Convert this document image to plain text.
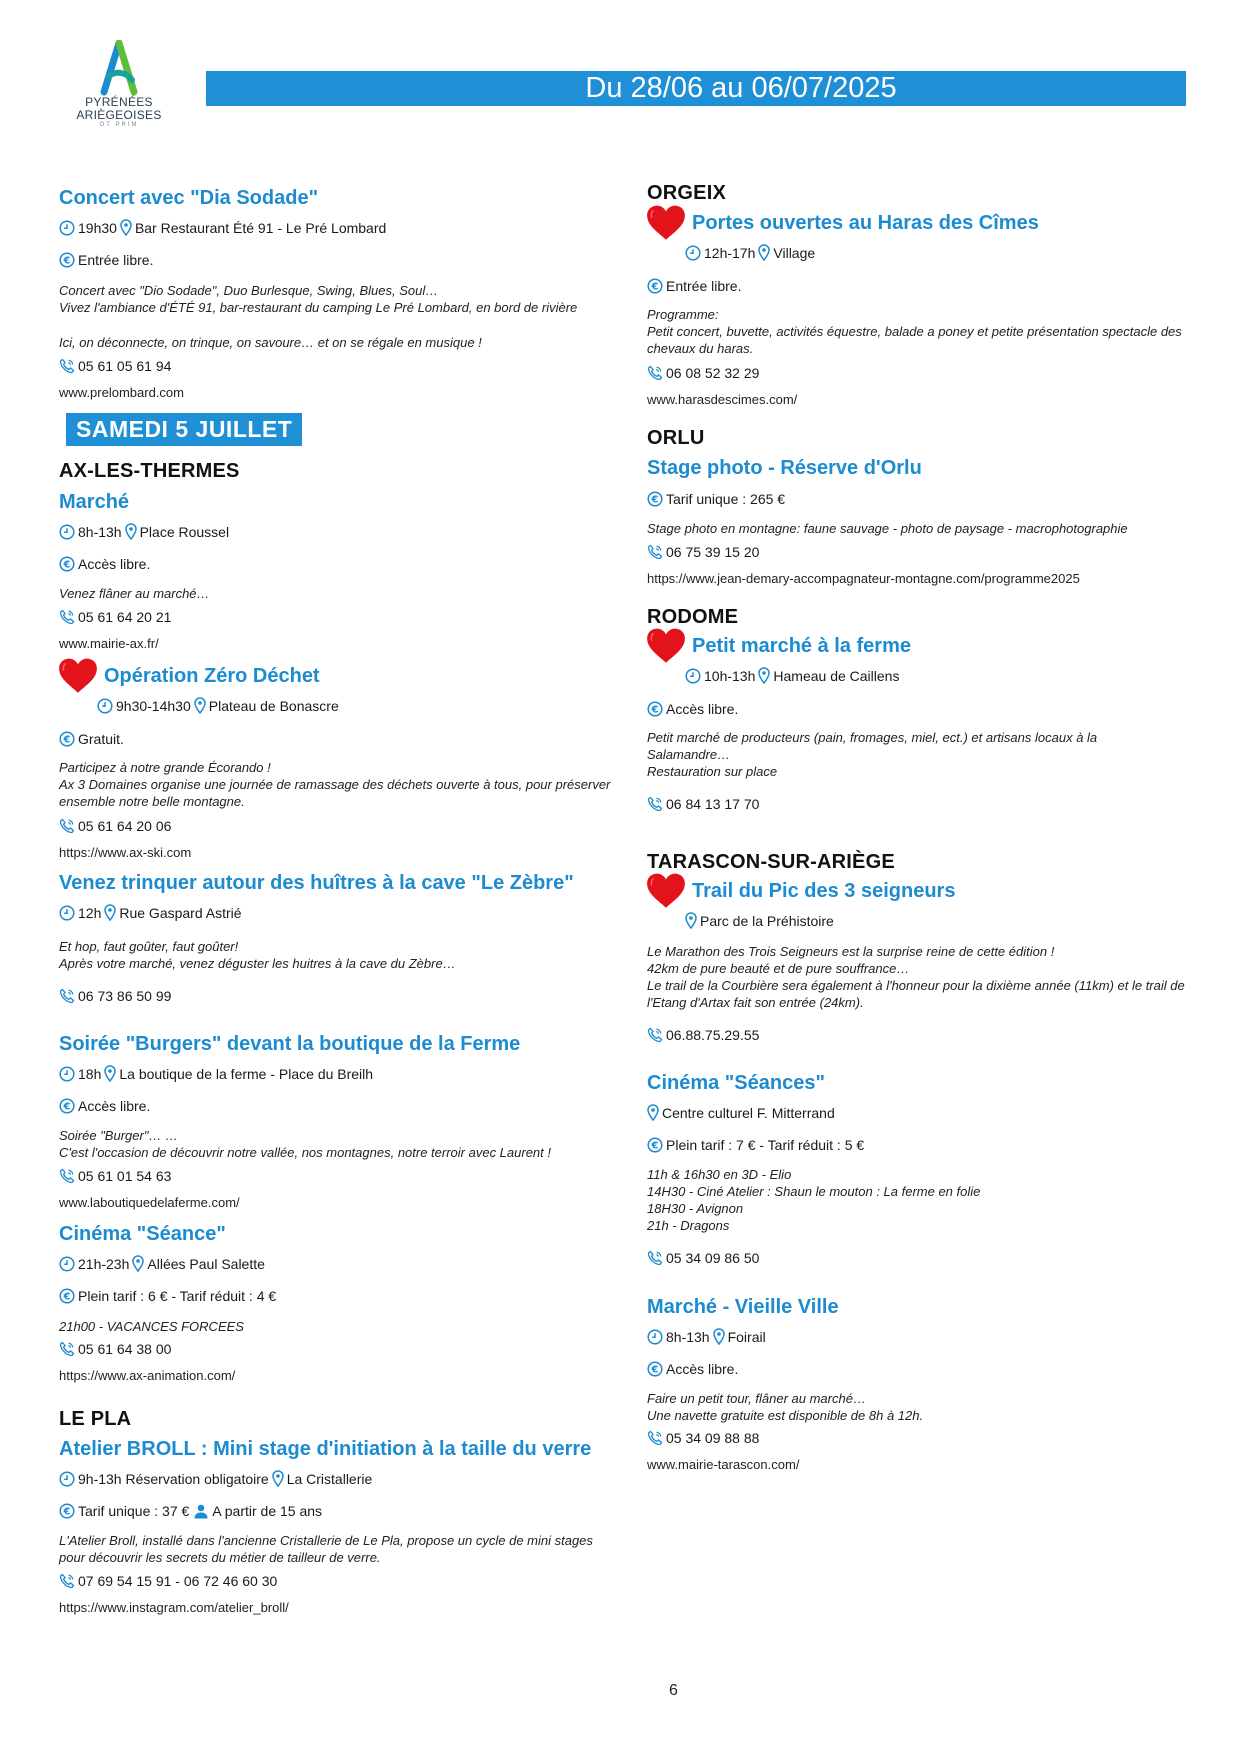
PYRÉNÉES
ARIÈGEOISES
OT PRIM
Du 28/06 au 06/07/2025
Concert avec "Dia Sodade"
19h30 Bar Restaurant Été 91 - Le Pré Lombard
Entrée libre.
Concert avec "Dio Sodade", Duo Burlesque, Swing, Blues, Soul…
Vivez l'ambiance d'ÉTÉ 91, bar-restaurant du camping Le Pré Lombard, en bord de rivière
Ici, on déconnecte, on trinque, on savoure… et on se régale en musique !
05 61 05 61 94
www.prelombard.com
SAMEDI 5 JUILLET
AX-LES-THERMES
Marché
8h-13h Place Roussel
Accès libre.
Venez flâner au marché…
05 61 64 20 21
www.mairie-ax.fr/
Opération Zéro Déchet
9h30-14h30 Plateau de Bonascre
Gratuit.
Participez à notre grande Écorando !
Ax 3 Domaines organise une journée de ramassage des déchets ouverte à tous, pour préserver ensemble notre belle montagne.
05 61 64 20 06
https://www.ax-ski.com
Venez trinquer autour des huîtres à la cave "Le Zèbre"
12h Rue Gaspard Astrié
Et hop, faut goûter, faut goûter!
Après votre marché, venez déguster les huitres à la cave du Zèbre…
06 73 86 50 99
Soirée "Burgers" devant la boutique de la Ferme
18h La boutique de la ferme - Place du Breilh
Accès libre.
Soirée "Burger"… …
C'est l'occasion de découvrir notre vallée, nos montagnes, notre terroir avec Laurent !
05 61 01 54 63
www.laboutiquedelaferme.com/
Cinéma "Séance"
21h-23h Allées Paul Salette
Plein tarif : 6 € - Tarif réduit : 4 €
21h00 - VACANCES FORCEES
05 61 64 38 00
https://www.ax-animation.com/
LE PLA
Atelier BROLL : Mini stage d'initiation à la taille du verre
9h-13h Réservation obligatoire La Cristallerie
Tarif unique : 37 € A partir de 15 ans
L'Atelier Broll, installé dans l'ancienne Cristallerie de Le Pla, propose un cycle de mini stages pour découvrir les secrets du métier de tailleur de verre.
07 69 54 15 91 - 06 72 46 60 30
https://www.instagram.com/atelier_broll/
ORGEIX
Portes ouvertes au Haras des Cîmes
12h-17h Village
Entrée libre.
Programme:
Petit concert, buvette, activités équestre, balade a poney et petite présentation spectacle des chevaux du haras.
06 08 52 32 29
www.harasdescimes.com/
ORLU
Stage photo - Réserve d'Orlu
Tarif unique : 265 €
Stage photo en montagne: faune sauvage - photo de paysage - macrophotographie
06 75 39 15 20
https://www.jean-demary-accompagnateur-montagne.com/programme2025
RODOME
Petit marché à la ferme
10h-13h Hameau de Caillens
Accès libre.
Petit marché de producteurs (pain, fromages, miel, ect.) et artisans locaux à la Salamandre…
Restauration sur place
06 84 13 17 70
TARASCON-SUR-ARIÈGE
Trail du Pic des 3 seigneurs
Parc de la Préhistoire
Le Marathon des Trois Seigneurs est la surprise reine de cette édition !
42km de pure beauté et de pure souffrance…
Le trail de la Courbière sera également à l'honneur pour la dixième année (11km) et le trail de l'Etang d'Artax fait son entrée (24km).
06.88.75.29.55
Cinéma "Séances"
Centre culturel F. Mitterrand
Plein tarif : 7 € - Tarif réduit : 5 €
11h & 16h30 en 3D - Elio
14H30 - Ciné Atelier : Shaun le mouton : La ferme en folie
18H30 - Avignon
21h - Dragons
05 34 09 86 50
Marché - Vieille Ville
8h-13h Foirail
Accès libre.
Faire un petit tour, flâner au marché…
Une navette gratuite est disponible de 8h à 12h.
05 34 09 88 88
www.mairie-tarascon.com/
6
